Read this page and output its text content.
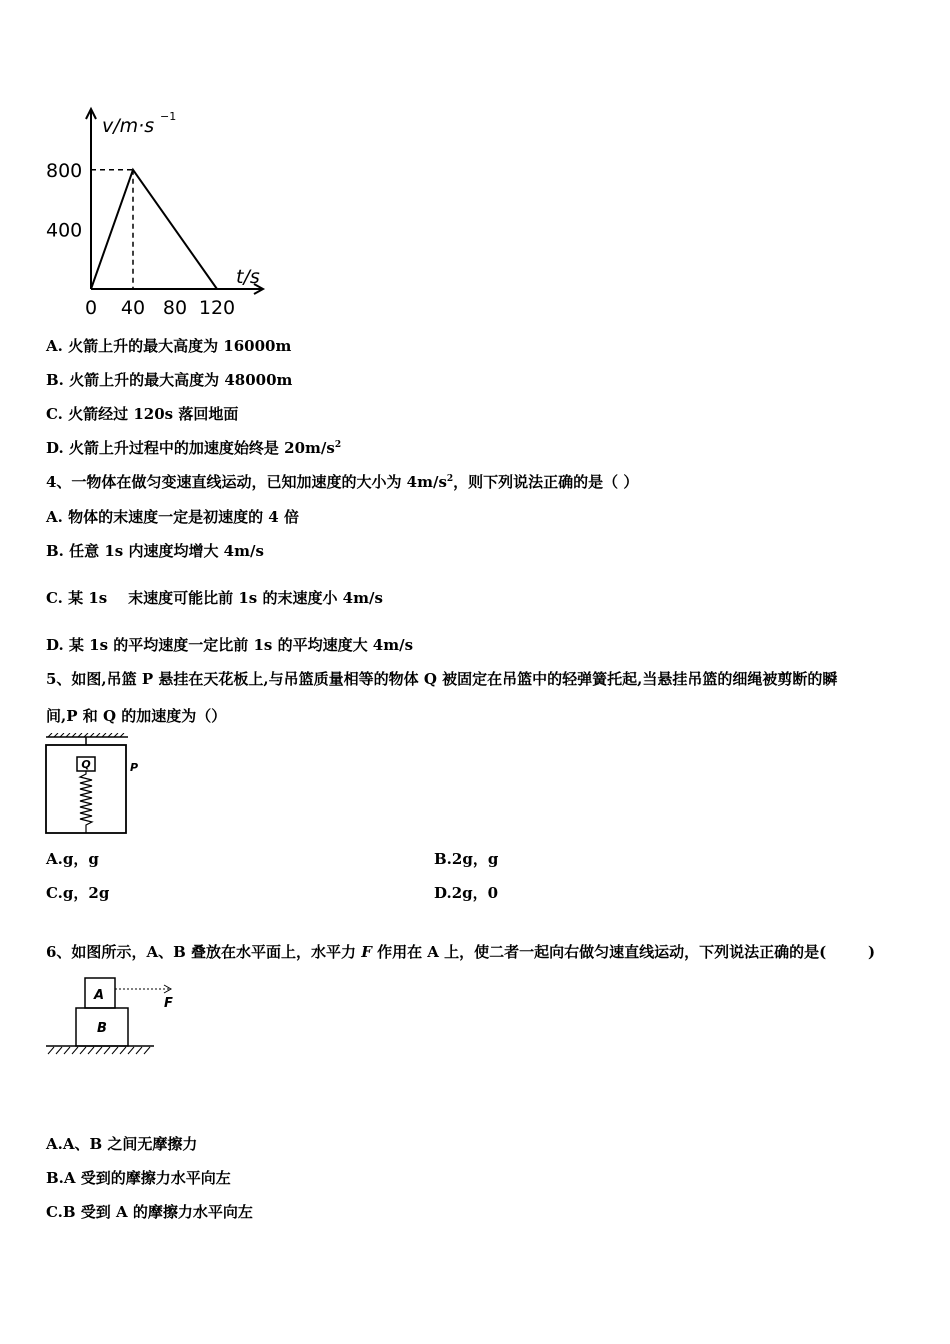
800
400
0 40 80 120
v/m·s −1
t/s
A. 火箭上升的最大高度为 16000m
B. 火箭上升的最大高度为 48000m
C. 火箭经过 120s 落回地面
D. 火箭上升过程中的加速度始终是 $20m/s^2$
4、一物体在做匀变速直线运动，已知加速度的大小为 $4m/s^2$，则下列说法正确的是（ ）
A. 物体的末速度一定是初速度的 4 倍
B. 任意 1s 内速度均增大 4m/s
C. 某 1s    末速度可能比前 1s 的末速度小 4m/s
D. 某 1s 的平均速度一定比前 1s 的平均速度大 4m/s
5、如图,吊篮 P 悬挂在天花板上,与吊篮质量相等的物体 Q 被固定在吊篮中的轻弹簧托起,当悬挂吊篮的细绳被剪断的瞬
间,P 和 Q 的加速度为（）
Q	P
A.g，g	B.2g，g
C.g，2g	D.2g，0
6、如图所示，A、B 叠放在水平面上，水平力 F 作用在 A 上，使二者一起向右做匀速直线运动，下列说法正确的是(        )
A
B
F
A.A、B 之间无摩擦力
B.A 受到的摩擦力水平向左
C.B 受到 A 的摩擦力水平向左
